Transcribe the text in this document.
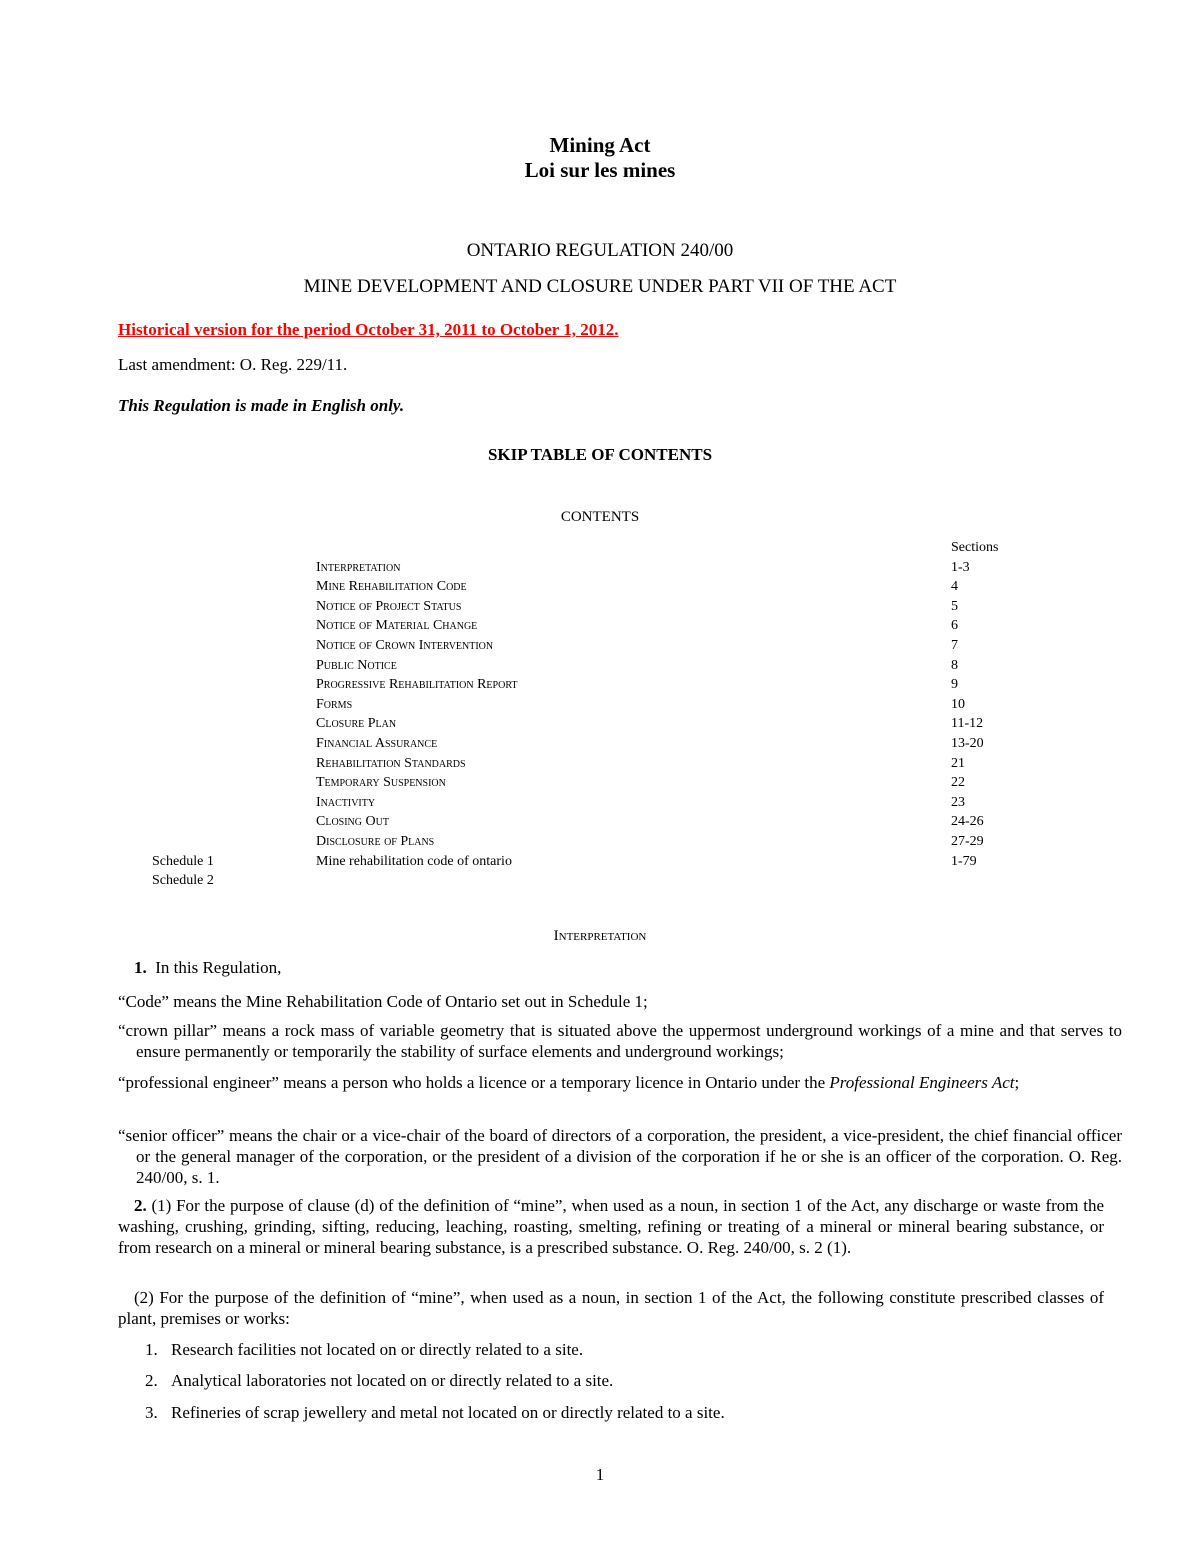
Mining Act
Loi sur les mines
ONTARIO REGULATION 240/00
MINE DEVELOPMENT AND CLOSURE UNDER PART VII OF THE ACT
Historical version for the period October 31, 2011 to October 1, 2012.
Last amendment: O. Reg. 229/11.
This Regulation is made in English only.
SKIP TABLE OF CONTENTS
CONTENTS
Sections
Interpretation	1-3
Mine Rehabilitation Code	4
Notice of Project Status	5
Notice of Material Change	6
Notice of Crown Intervention	7
Public Notice	8
Progressive Rehabilitation Report	9
Forms	10
Closure Plan	11-12
Financial Assurance	13-20
Rehabilitation Standards	21
Temporary Suspension	22
Inactivity	23
Closing Out	24-26
Disclosure of Plans	27-29
Schedule 1	Mine rehabilitation code of ontario	1-79
Schedule 2
Interpretation
1. In this Regulation,
“Code” means the Mine Rehabilitation Code of Ontario set out in Schedule 1;
“crown pillar” means a rock mass of variable geometry that is situated above the uppermost underground workings of a mine and that serves to ensure permanently or temporarily the stability of surface elements and underground workings;
“professional engineer” means a person who holds a licence or a temporary licence in Ontario under the Professional Engineers Act;
“senior officer” means the chair or a vice-chair of the board of directors of a corporation, the president, a vice-president, the chief financial officer or the general manager of the corporation, or the president of a division of the corporation if he or she is an officer of the corporation. O. Reg. 240/00, s. 1.
2. (1) For the purpose of clause (d) of the definition of “mine”, when used as a noun, in section 1 of the Act, any discharge or waste from the washing, crushing, grinding, sifting, reducing, leaching, roasting, smelting, refining or treating of a mineral or mineral bearing substance, or from research on a mineral or mineral bearing substance, is a prescribed substance. O. Reg. 240/00, s. 2 (1).
(2) For the purpose of the definition of “mine”, when used as a noun, in section 1 of the Act, the following constitute prescribed classes of plant, premises or works:
1. Research facilities not located on or directly related to a site.
2. Analytical laboratories not located on or directly related to a site.
3. Refineries of scrap jewellery and metal not located on or directly related to a site.
1
